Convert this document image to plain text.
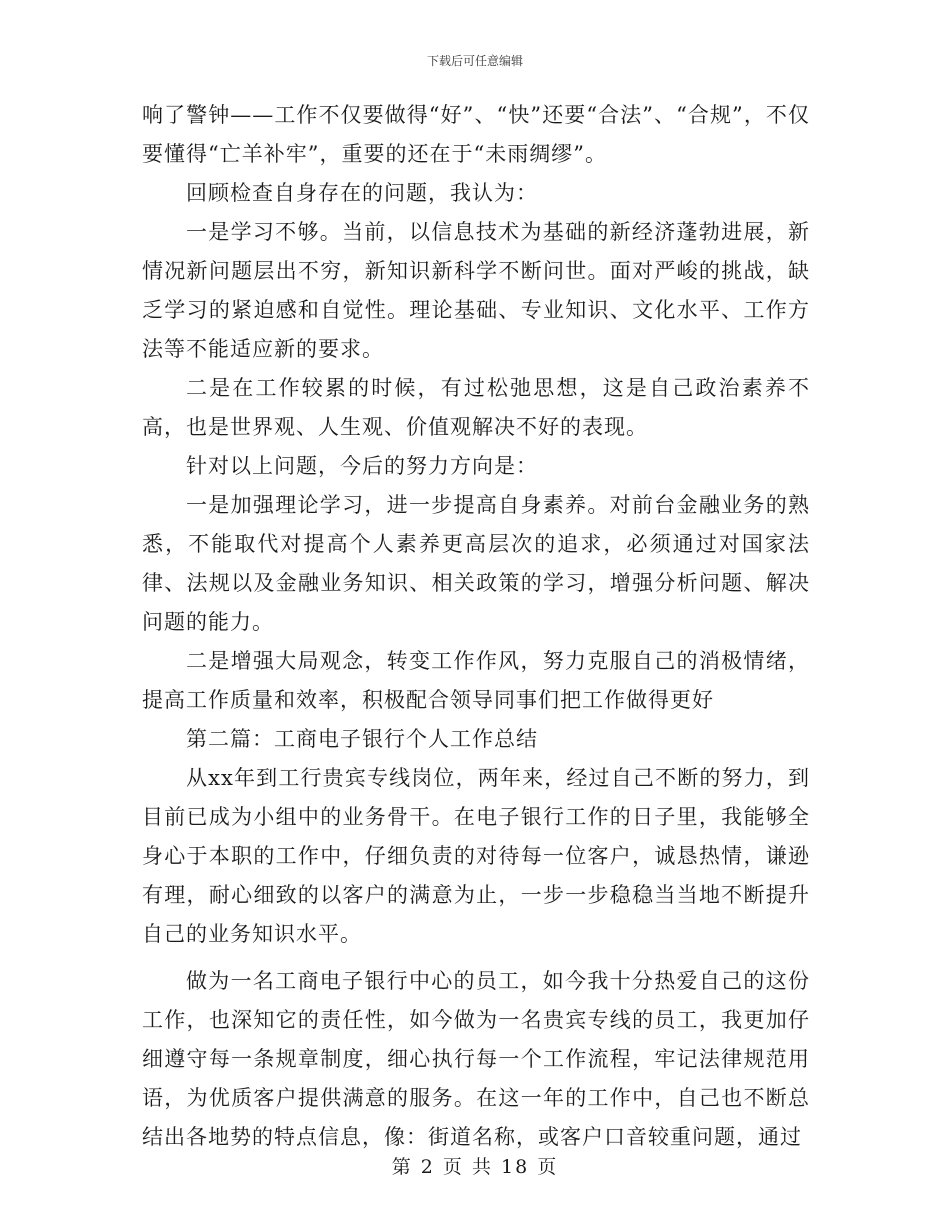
下载后可任意编辑

响了警钟——工作不仅要做得“好”、“快”还要“合法”、“合规”，不仅要懂得“亡羊补牢”，重要的还在于“未雨绸缪”。

回顾检查自身存在的问题，我认为：

一是学习不够。当前，以信息技术为基础的新经济蓬勃进展，新情况新问题层出不穷，新知识新科学不断问世。面对严峻的挑战，缺乏学习的紧迫感和自觉性。理论基础、专业知识、文化水平、工作方法等不能适应新的要求。

二是在工作较累的时候，有过松弛思想，这是自己政治素养不高，也是世界观、人生观、价值观解决不好的表现。

针对以上问题，今后的努力方向是：

一是加强理论学习，进一步提高自身素养。对前台金融业务的熟悉，不能取代对提高个人素养更高层次的追求，必须通过对国家法律、法规以及金融业务知识、相关政策的学习，增强分析问题、解决问题的能力。

二是增强大局观念，转变工作作风，努力克服自己的消极情绪，提高工作质量和效率，积极配合领导同事们把工作做得更好

第二篇：工商电子银行个人工作总结

从xx年到工行贵宾专线岗位，两年来，经过自己不断的努力，到目前已成为小组中的业务骨干。在电子银行工作的日子里，我能够全身心于本职的工作中，仔细负责的对待每一位客户，诚恳热情，谦逊有理，耐心细致的以客户的满意为止，一步一步稳稳当当地不断提升自己的业务知识水平。

做为一名工商电子银行中心的员工，如今我十分热爱自己的这份工作，也深知它的责任性，如今做为一名贵宾专线的员工，我更加仔细遵守每一条规章制度，细心执行每一个工作流程，牢记法律规范用语，为优质客户提供满意的服务。在这一年的工作中，自己也不断总结出各地势的特点信息，像：街道名称，或客户口音较重问题，通过

第 2 页 共 18 页
